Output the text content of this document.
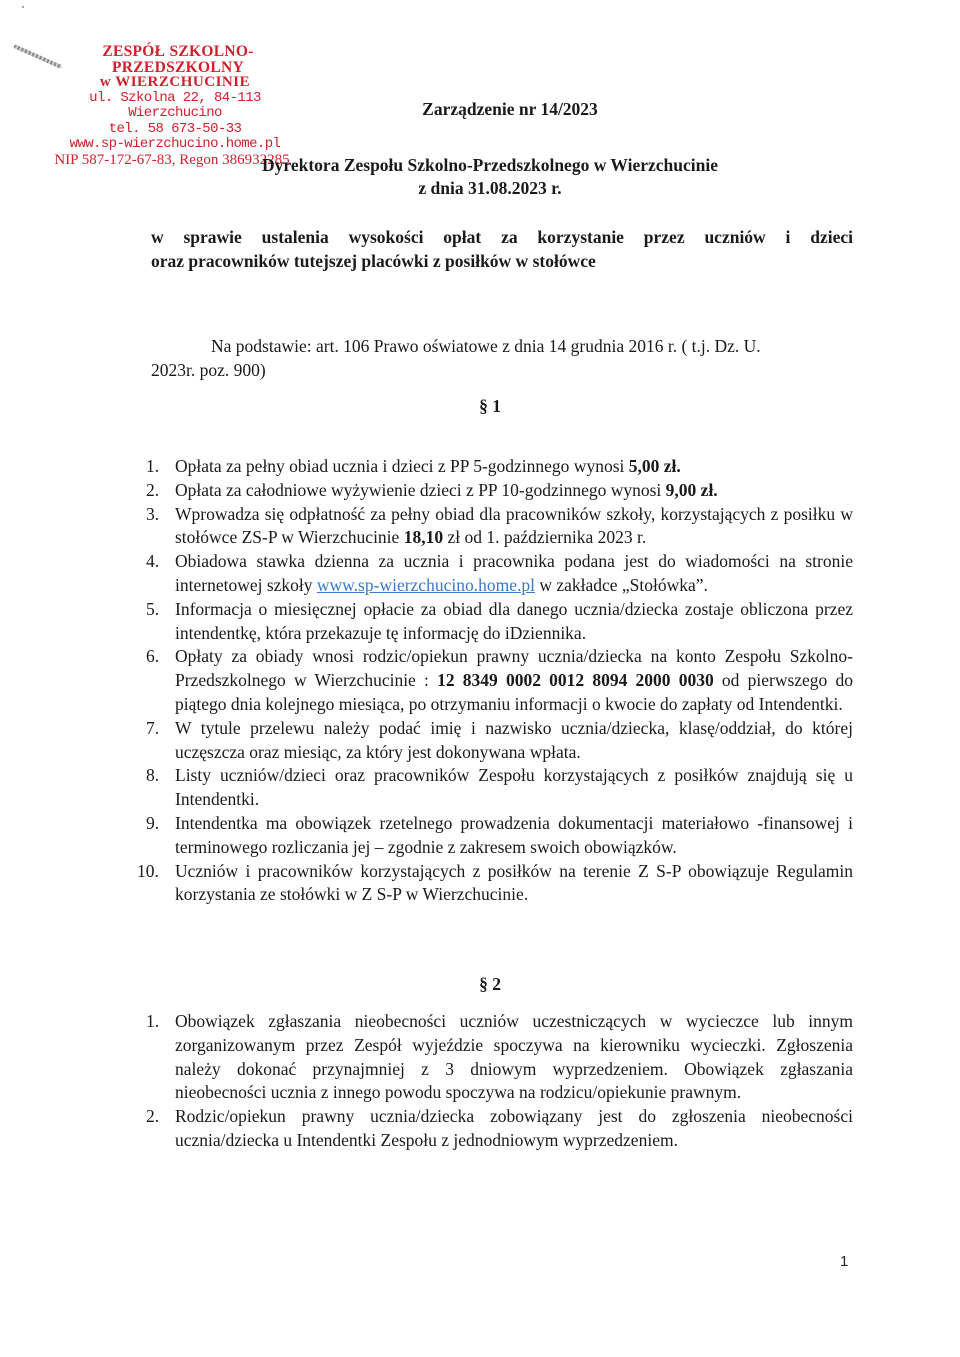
ZESPÓŁ SZKOLNO-PRZEDSZKOLNY
w WIERZCHUCINIE
ul. Szkolna 22, 84-113 Wierzchucino
tel. 58 673-50-33
www.sp-wierzchucino.home.pl
NIP 587-172-67-83, Regon 386932285
Zarządzenie nr 14/2023
Dyrektora Zespołu Szkolno-Przedszkolnego w Wierzchucinie
z dnia 31.08.2023 r.
w sprawie ustalenia wysokości opłat za korzystanie przez uczniów i dzieci
oraz pracowników tutejszej placówki z posiłków w stołówce
Na podstawie: art. 106 Prawo oświatowe z dnia 14 grudnia 2016 r. ( t.j. Dz. U.
2023r. poz. 900)
§ 1
1. Opłata za pełny obiad ucznia i dzieci z PP 5-godzinnego wynosi 5,00 zł.
2. Opłata za całodniowe wyżywienie dzieci z PP 10-godzinnego wynosi 9,00 zł.
3. Wprowadza się odpłatność za pełny obiad dla pracowników szkoły, korzystających z posiłku w stołówce ZS-P w Wierzchucinie 18,10 zł od 1. października 2023 r.
4. Obiadowa stawka dzienna za ucznia i pracownika podana jest do wiadomości na stronie internetowej szkoły www.sp-wierzchucino.home.pl w zakładce „Stołówka”.
5. Informacja o miesięcznej opłacie za obiad dla danego ucznia/dziecka zostaje obliczona przez intendentkę, która przekazuje tę informację do iDziennika.
6. Opłaty za obiady wnosi rodzic/opiekun prawny ucznia/dziecka na konto Zespołu Szkolno-Przedszkolnego w Wierzchucinie : 12 8349 0002 0012 8094 2000 0030 od pierwszego do piątego dnia kolejnego miesiąca, po otrzymaniu informacji o kwocie do zapłaty od Intendentki.
7. W tytule przelewu należy podać imię i nazwisko ucznia/dziecka, klasę/oddział, do której uczęszcza oraz miesiąc, za który jest dokonywana wpłata.
8. Listy uczniów/dzieci oraz pracowników Zespołu korzystających z posiłków znajdują się u Intendentki.
9. Intendentka ma obowiązek rzetelnego prowadzenia dokumentacji materiałowo -finansowej i terminowego rozliczania jej – zgodnie z zakresem swoich obowiązków.
10. Uczniów i pracowników korzystających z posiłków na terenie Z S-P obowiązuje Regulamin korzystania ze stołówki w Z S-P w Wierzchucinie.
§ 2
1. Obowiązek zgłaszania nieobecności uczniów uczestniczących w wycieczce lub innym zorganizowanym przez Zespół wyjeździe spoczywa na kierowniku wycieczki. Zgłoszenia należy dokonać przynajmniej z 3 dniowym wyprzedzeniem. Obowiązek zgłaszania nieobecności ucznia z innego powodu spoczywa na rodzicu/opiekunie prawnym.
2. Rodzic/opiekun prawny ucznia/dziecka zobowiązany jest do zgłoszenia nieobecności ucznia/dziecka u Intendentki Zespołu z jednodniowym wyprzedzeniem.
1
